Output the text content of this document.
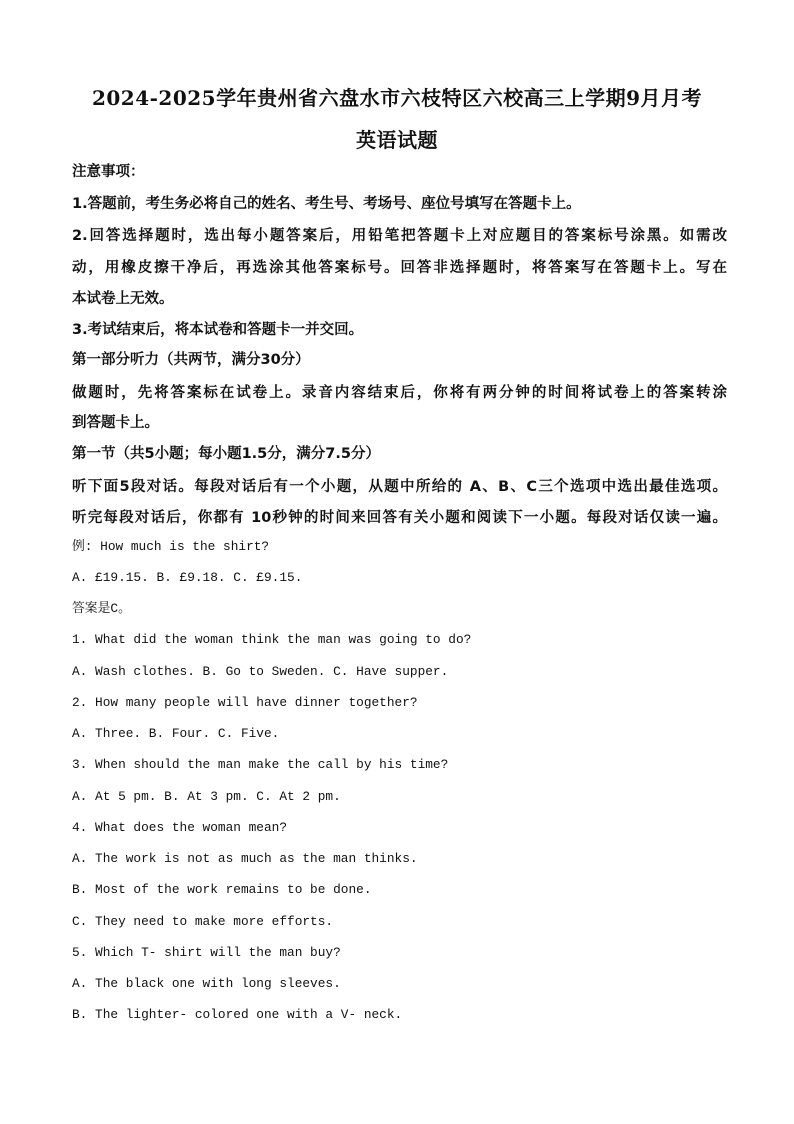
2024-2025学年贵州省六盘水市六枝特区六校高三上学期9月月考
英语试题
注意事项：
1.答题前，考生务必将自己的姓名、考生号、考场号、座位号填写在答题卡上。
2.回答选择题时，选出每小题答案后，用铅笔把答题卡上对应题目的答案标号涂黑。如需改
动，用橡皮擦干净后，再选涂其他答案标号。回答非选择题时，将答案写在答题卡上。写在
本试卷上无效。
3.考试结束后，将本试卷和答题卡一并交回。
第一部分听力（共两节，满分30分）
做题时，先将答案标在试卷上。录音内容结束后，你将有两分钟的时间将试卷上的答案转涂
到答题卡上。
第一节（共5小题；每小题1.5分，满分7.5分）
听下面5段对话。每段对话后有一个小题，从题中所给的 A、B、C三个选项中选出最佳选项。
听完每段对话后，你都有 10秒钟的时间来回答有关小题和阅读下一小题。每段对话仅读一遍。
例: How much is the shirt?
A. £19.15. B. £9.18. C. £9.15.
答案是C。
1. What did the woman think the man was going to do?
A. Wash clothes. B. Go to Sweden. C. Have supper.
2. How many people will have dinner together?
A. Three. B. Four. C. Five.
3. When should the man make the call by his time?
A. At 5 pm. B. At 3 pm. C. At 2 pm.
4. What does the woman mean?
A. The work is not as much as the man thinks.
B. Most of the work remains to be done.
C. They need to make more efforts.
5. Which T- shirt will the man buy?
A. The black one with long sleeves.
B. The lighter- colored one with a V- neck.
